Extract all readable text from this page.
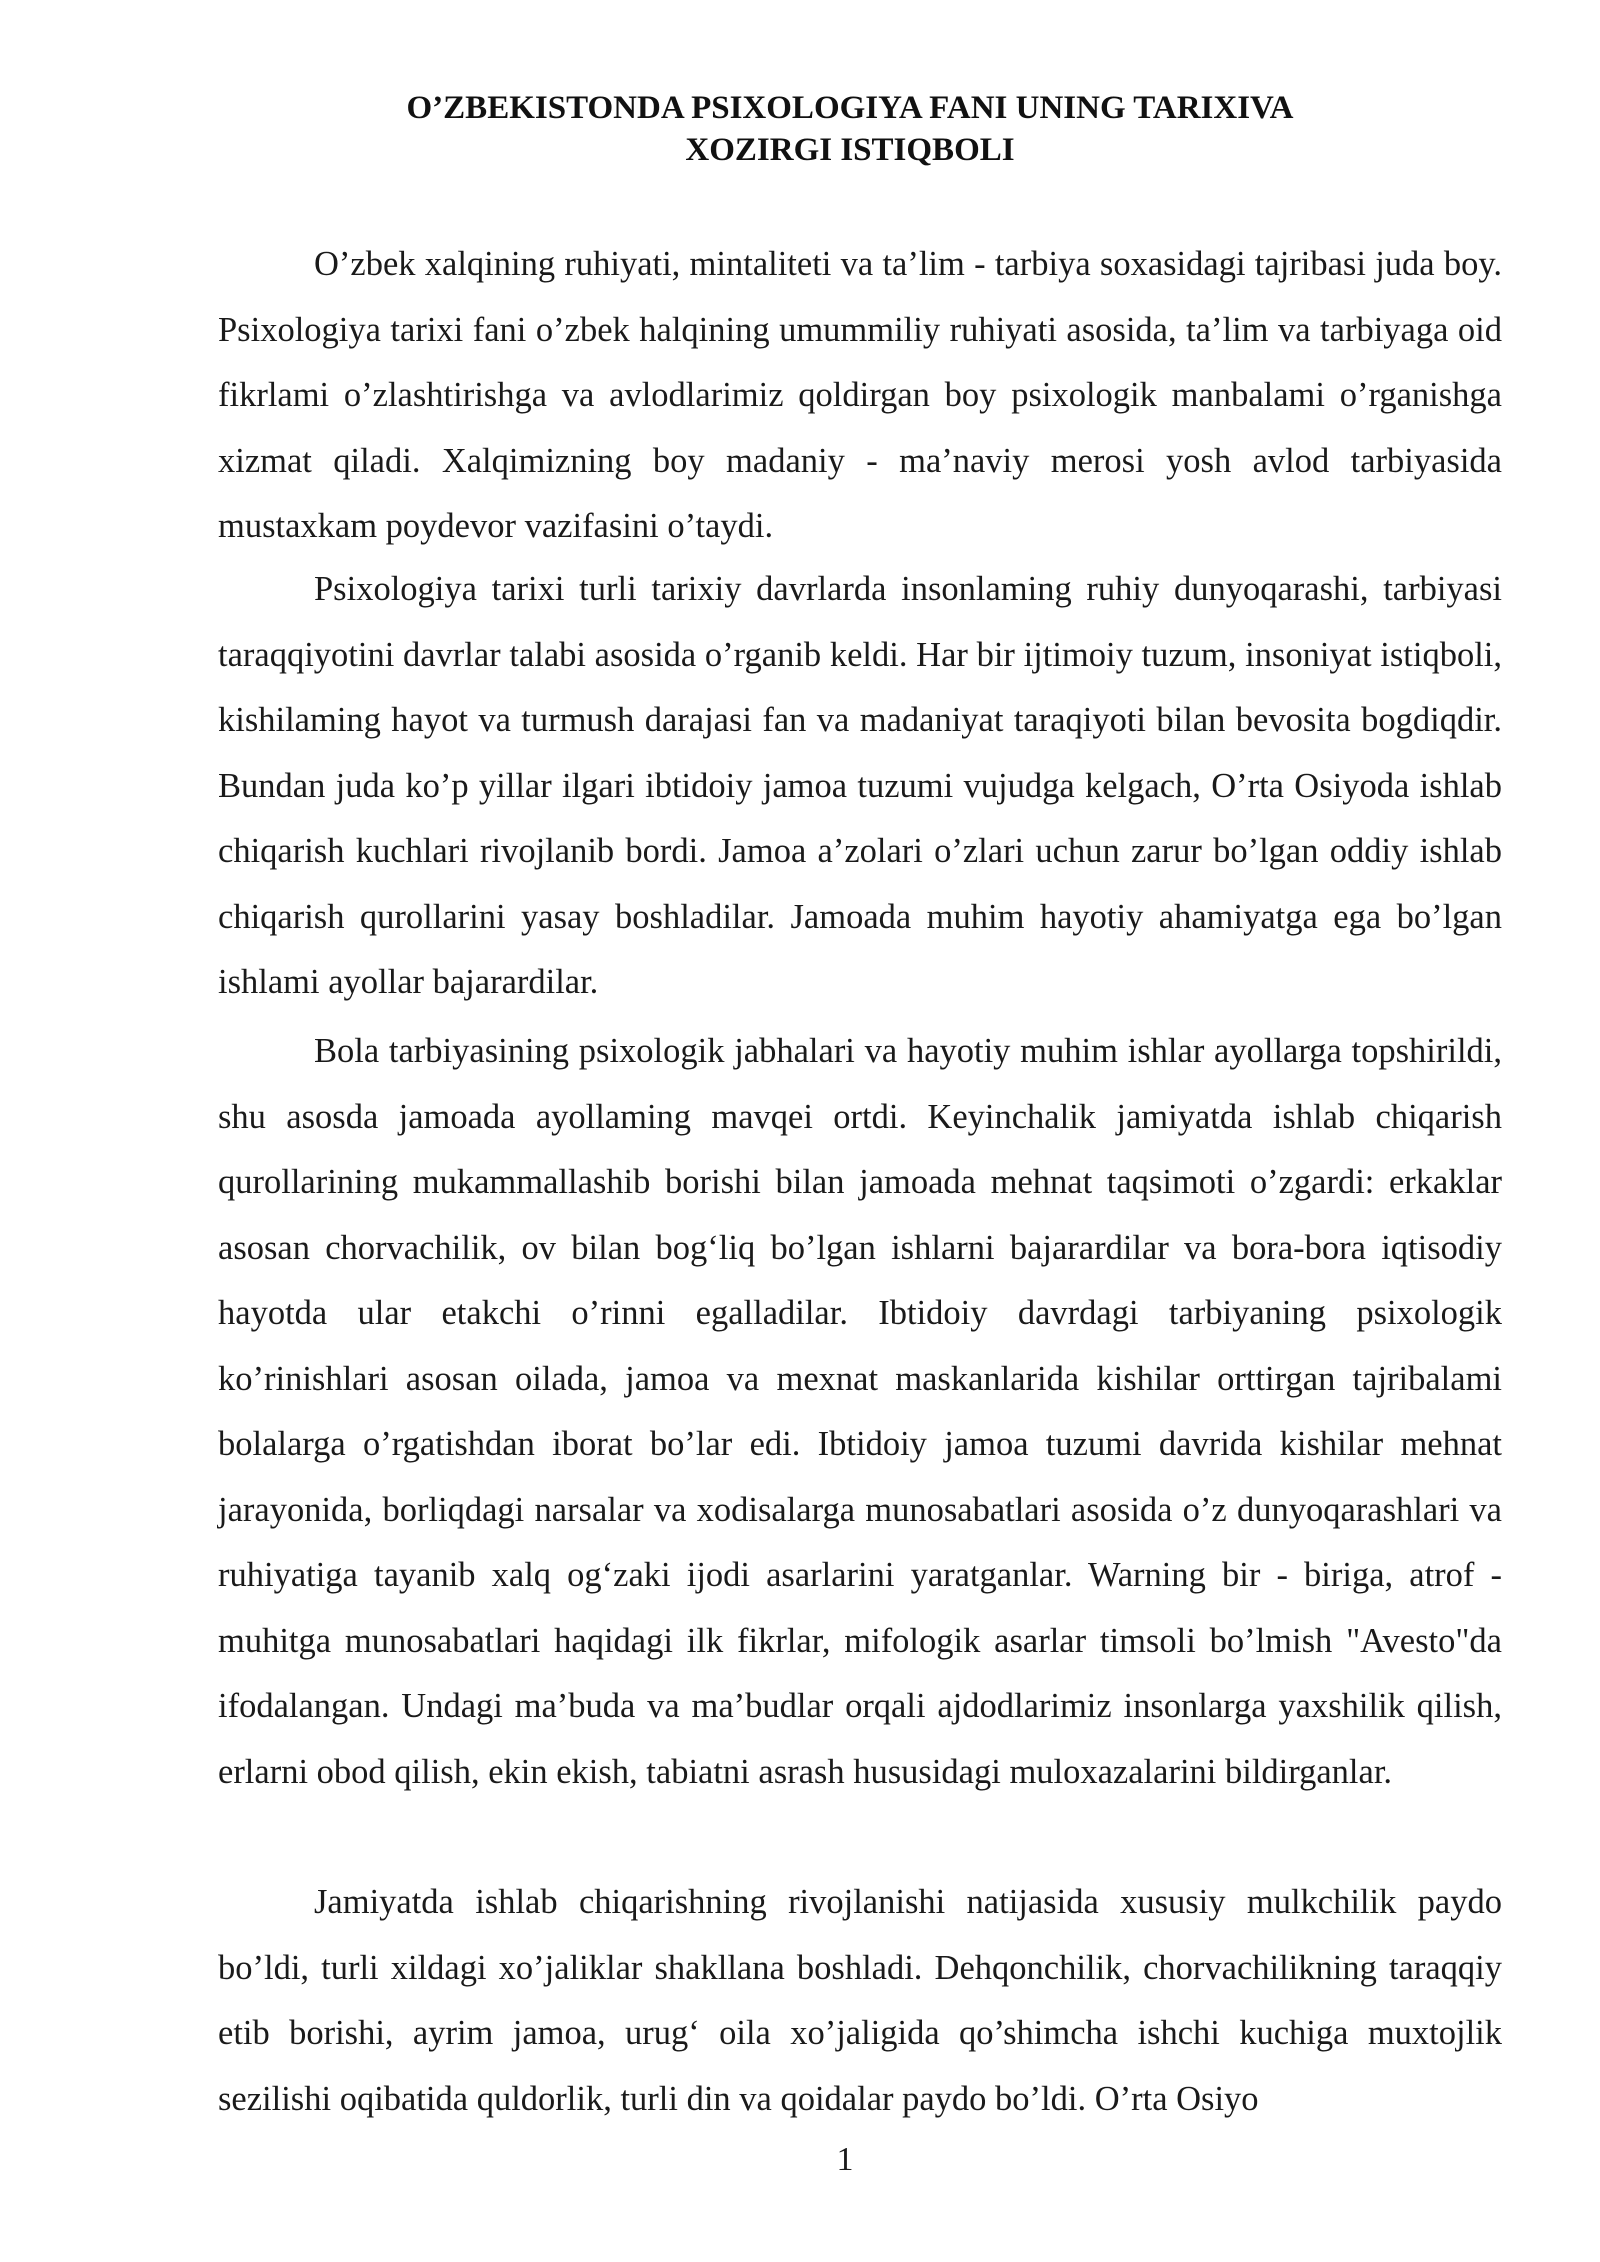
O’ZBEKISTONDA PSIXOLOGIYA FANI UNING TARIXIVA
XOZIRGI ISTIQBOLI

O’zbek xalqining ruhiyati, mintaliteti va ta’lim - tarbiya soxasidagi tajribasi juda boy. Psixologiya tarixi fani o’zbek halqining umummiliy ruhiyati asosida, ta’lim va tarbiyaga oid fikrlami o’zlashtirishga va avlodlarimiz qoldirgan boy psixologik manbalami o’rganishga xizmat qiladi. Xalqimizning boy madaniy - ma’naviy merosi yosh avlod tarbiyasida mustaxkam poydevor vazifasini o’taydi.

Psixologiya tarixi turli tarixiy davrlarda insonlaming ruhiy dunyoqarashi, tarbiyasi taraqqiyotini davrlar talabi asosida o’rganib keldi. Har bir ijtimoiy tuzum, insoniyat istiqboli, kishilaming hayot va turmush darajasi fan va madaniyat taraqiyoti bilan bevosita bogdiqdir. Bundan juda ko’p yillar ilgari ibtidoiy jamoa tuzumi vujudga kelgach, O’rta Osiyoda ishlab chiqarish kuchlari rivojlanib bordi. Jamoa a’zolari o’zlari uchun zarur bo’lgan oddiy ishlab chiqarish qurollarini yasay boshladilar. Jamoada muhim hayotiy ahamiyatga ega bo’lgan ishlami ayollar bajarardilar.

Bola tarbiyasining psixologik jabhalari va hayotiy muhim ishlar ayollarga topshirildi, shu asosda jamoada ayollaming mavqei ortdi. Keyinchalik jamiyatda ishlab chiqarish qurollarining mukammallashib borishi bilan jamoada mehnat taqsimoti o’zgardi: erkaklar asosan chorvachilik, ov bilan bog‘liq bo’lgan ishlarni bajarardilar va bora-bora iqtisodiy hayotda ular etakchi o’rinni egalladilar. Ibtidoiy davrdagi tarbiyaning psixologik ko’rinishlari asosan oilada, jamoa va mexnat maskanlarida kishilar orttirgan tajribalami bolalarga o’rgatishdan iborat bo’lar edi. Ibtidoiy jamoa tuzumi davrida kishilar mehnat jarayonida, borliqdagi narsalar va xodisalarga munosabatlari asosida o’z dunyoqarashlari va ruhiyatiga tayanib xalq og‘zaki ijodi asarlarini yaratganlar. Warning bir - biriga, atrof - muhitga munosabatlari haqidagi ilk fikrlar, mifologik asarlar timsoli bo’lmish "Avesto"da ifodalangan. Undagi ma’buda va ma’budlar orqali ajdodlarimiz insonlarga yaxshilik qilish, erlarni obod qilish, ekin ekish, tabiatni asrash hususidagi muloxazalarini bildirganlar.

Jamiyatda ishlab chiqarishning rivojlanishi natijasida xususiy mulkchilik paydo bo’ldi, turli xildagi xo’jaliklar shakllana boshladi. Dehqonchilik, chorvachilikning taraqqiy etib borishi, ayrim jamoa, urug‘ oila xo’jaligida qo’shimcha ishchi kuchiga muxtojlik sezilishi oqibatida quldorlik, turli din va qoidalar paydo bo’ldi. O’rta Osiyo

1
